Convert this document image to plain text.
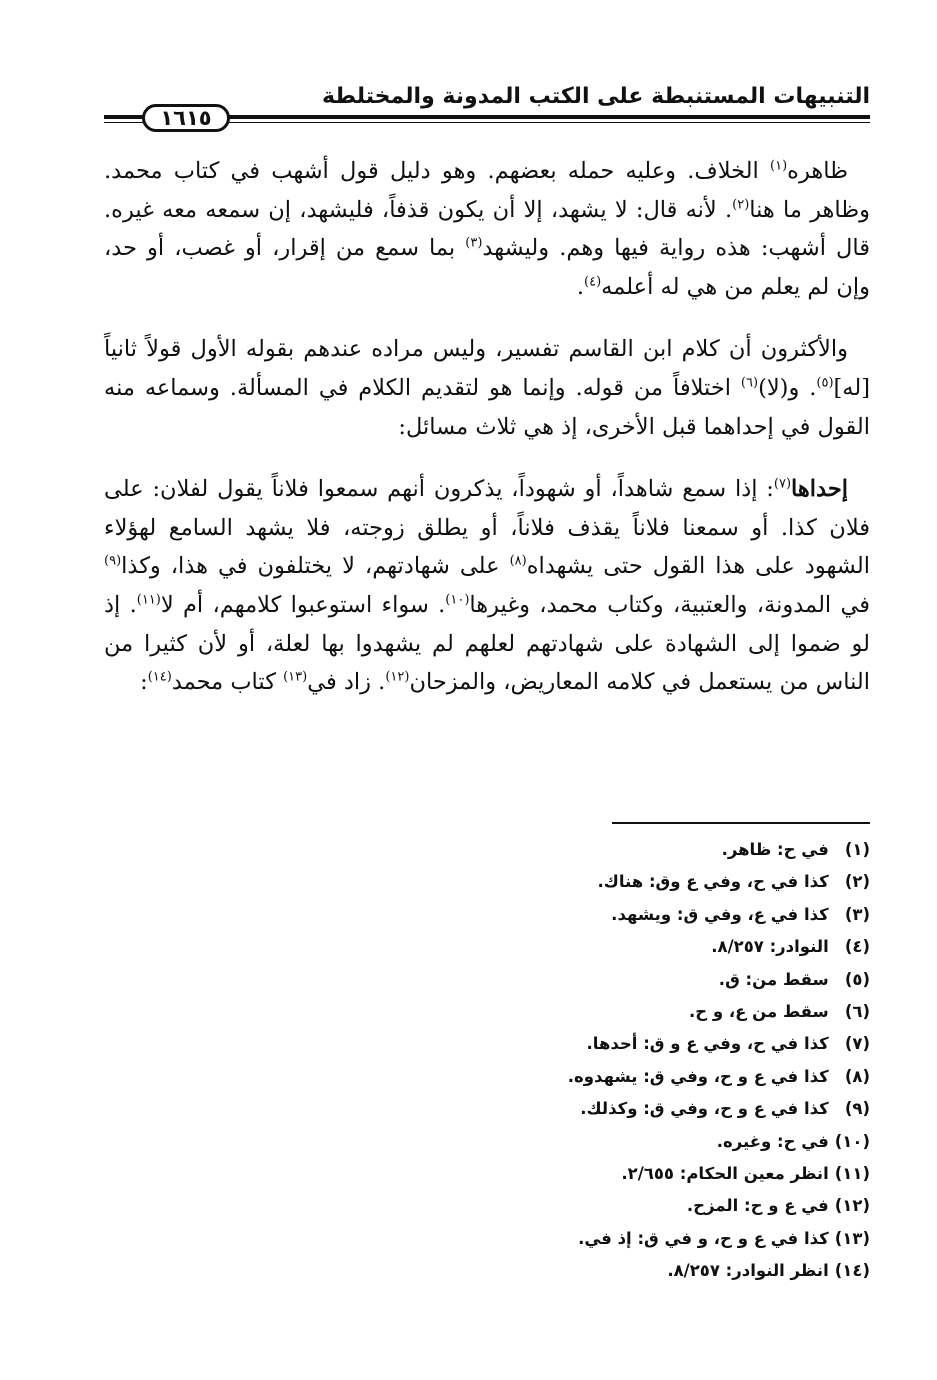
التنبيهات المستنبطة على الكتب المدونة والمختلطة
١٦١٥

ظاهره$^{(١)}$ الخلاف. وعليه حمله بعضهم. وهو دليل قول أشهب في كتاب محمد. وظاهر ما هنا$^{(٢)}$. لأنه قال: لا يشهد، إلا أن يكون قذفاً، فليشهد، إن سمعه معه غيره. قال أشهب: هذه رواية فيها وهم. وليشهد$^{(٣)}$ بما سمع من إقرار، أو غصب، أو حد، وإن لم يعلم من هي له أعلمه$^{(٤)}$.

والأكثرون أن كلام ابن القاسم تفسير، وليس مراده عندهم بقوله الأول قولاً ثانياً [له]$^{(٥)}$. و(لا)$^{(٦)}$ اختلافاً من قوله. وإنما هو لتقديم الكلام في المسألة. وسماعه منه القول في إحداهما قبل الأخرى، إذ هي ثلاث مسائل:

إحداها$^{(٧)}$: إذا سمع شاهداً، أو شهوداً، يذكرون أنهم سمعوا فلاناً يقول لفلان: على فلان كذا. أو سمعنا فلاناً يقذف فلاناً، أو يطلق زوجته، فلا يشهد السامع لهؤلاء الشهود على هذا القول حتى يشهداه$^{(٨)}$ على شهادتهم، لا يختلفون في هذا، وكذا$^{(٩)}$ في المدونة، والعتبية، وكتاب محمد، وغيرها$^{(١٠)}$. سواء استوعبوا كلامهم، أم لا$^{(١١)}$. إذ لو ضموا إلى الشهادة على شهادتهم لعلهم لم يشهدوا بها لعلة، أو لأن كثيرا من الناس من يستعمل في كلامه المعاريض، والمزحان$^{(١٢)}$. زاد في$^{(١٣)}$ كتاب محمد$^{(١٤)}$:

(١) في ح: ظاهر.
(٢) كذا في ح، وفي ع وق: هناك.
(٣) كذا في ع، وفي ق: ويشهد.
(٤) النوادر: ٨/٢٥٧.
(٥) سقط من: ق.
(٦) سقط من ع، و ح.
(٧) كذا في ح، وفي ع و ق: أحدها.
(٨) كذا في ع و ح، وفي ق: يشهدوه.
(٩) كذا في ع و ح، وفي ق: وكذلك.
(١٠) في ح: وغيره.
(١١) انظر معين الحكام: ٢/٦٥٥.
(١٢) في ع و ح: المزح.
(١٣) كذا في ع و ح، و في ق: إذ في.
(١٤) انظر النوادر: ٨/٢٥٧.
